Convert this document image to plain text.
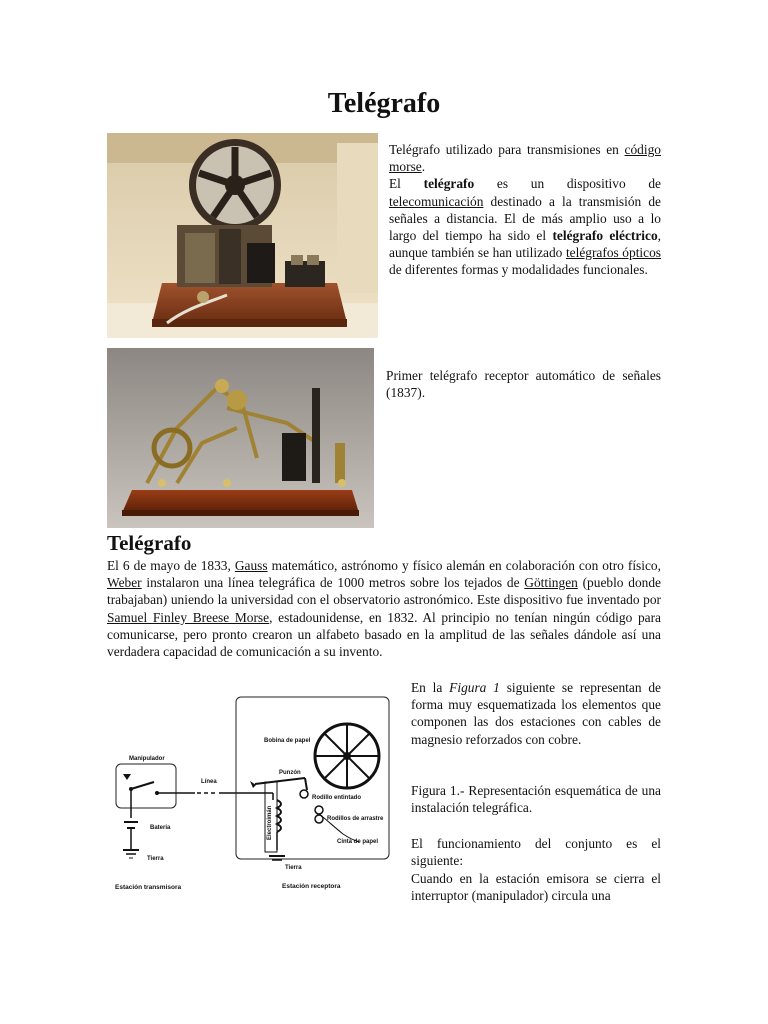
Telégrafo
Telégrafo utilizado para transmisiones en código morse.
El telégrafo es un dispositivo de telecomunicación destinado a la transmisión de señales a distancia. El de más amplio uso a lo largo del tiempo ha sido el telégrafo eléctrico, aunque también se han utilizado telégrafos ópticos de diferentes formas y modalidades funcionales.
Primer telégrafo receptor automático de señales (1837).
Telégrafo
El 6 de mayo de 1833, Gauss matemático, astrónomo y físico alemán en colaboración con otro físico, Weber instalaron una línea telegráfica de 1000 metros sobre los tejados de Göttingen (pueblo donde trabajaban) uniendo la universidad con el observatorio astronómico. Este dispositivo fue inventado por Samuel Finley Breese Morse, estadounidense, en 1832. Al principio no tenían ningún código para comunicarse, pero pronto crearon un alfabeto basado en la amplitud de las señales dándole así una verdadera capacidad de comunicación a su invento.
Manipulador
Batería
Tierra
Estación transmisora
Línea
Bobina de papel
Punzón
Electroimán
Tierra
Rodillo entintado
Rodillos de arrastre
Cinta de papel
Estación receptora
En la Figura 1 siguiente se representan de forma muy esquematizada los elementos que componen las dos estaciones con cables de magnesio reforzados con cobre.
Figura 1.- Representación esquemática de una instalación telegráfica.
El funcionamiento del conjunto es el siguiente:
Cuando en la estación emisora se cierra el interruptor (manipulador) circula una
